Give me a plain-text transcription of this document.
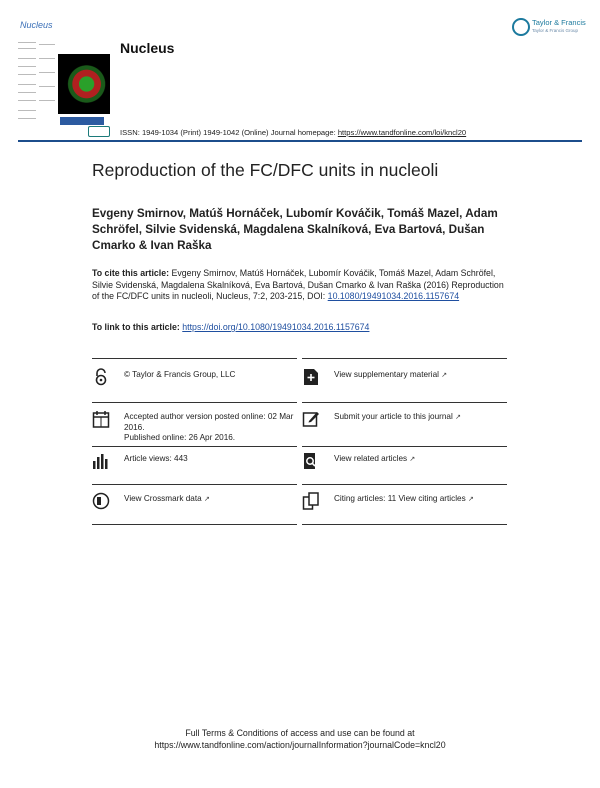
Nucleus
Nucleus
ISSN: 1949-1034 (Print) 1949-1042 (Online) Journal homepage: https://www.tandfonline.com/loi/kncl20
Taylor & Francis
Taylor & Francis Group
Reproduction of the FC/DFC units in nucleoli
Evgeny Smirnov, Matúš Hornáček, Lubomír Kováčik, Tomáš Mazel, Adam Schröfel, Silvie Svidenská, Magdalena Skalníková, Eva Bartová, Dušan Cmarko & Ivan Raška
To cite this article: Evgeny Smirnov, Matúš Hornáček, Lubomír Kováčik, Tomáš Mazel, Adam Schröfel, Silvie Svidenská, Magdalena Skalníková, Eva Bartová, Dušan Cmarko & Ivan Raška (2016) Reproduction of the FC/DFC units in nucleoli, Nucleus, 7:2, 203-215, DOI: 10.1080/19491034.2016.1157674
To link to this article: https://doi.org/10.1080/19491034.2016.1157674
© Taylor & Francis Group, LLC
Accepted author version posted online: 02 Mar 2016.
Published online: 26 Apr 2016.
Article views: 443
View Crossmark data ↗
View supplementary material ↗
Submit your article to this journal ↗
View related articles ↗
Citing articles: 11 View citing articles ↗
Full Terms & Conditions of access and use can be found at
https://www.tandfonline.com/action/journalInformation?journalCode=kncl20
